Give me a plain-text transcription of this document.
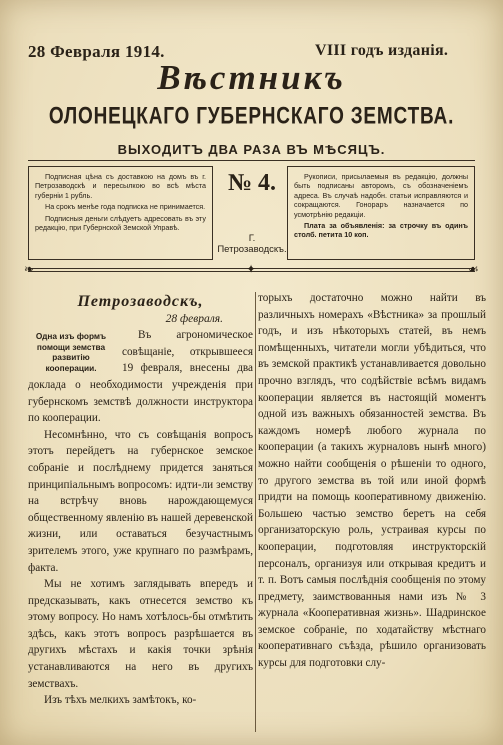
28 Февраля 1914.	VIII годъ изданія.
Вѣстникъ
ОЛОНЕЦКАГО ГУБЕРНСКАГО ЗЕМСТВА.
ВЫХОДИТЪ ДВА РАЗА ВЪ МѢСЯЦЪ.

Подписная цѣна съ доставкою на домъ въ г. Петрозаводскѣ и пересылкою во всѣ мѣста губерніи 1 рубль.

На срокъ менѣе года подписка не принимается.

Подписныя деньги слѣдуетъ адресовать въ эту редакцію, при Губернской Земской Управѣ.

№ 4.
Г. Петрозаводскъ.

Рукописи, присылаемыя въ редакцію, должны быть подписаны авторомъ, съ обозначеніемъ адреса. Въ случаѣ надобн. статьи исправляются и сокращаются. Гонораръ назначается по усмотрѣнію редакціи.

Плата за объявленія: за строчку въ одинъ столб. петита 10 коп.

❧	✦	☙
Петрозаводскъ,
28 февраля.
Одна изъ формъ помощи земства развитію кооперации.

Въ агрономическое совѣщаніе, открывшееся 19 февраля, внесены два доклада о необходимости учрежденія при губернскомъ земствѣ должности инструктора по кооперации.

Несомнѣнно, что съ совѣщанія вопросъ этотъ перейдетъ на губернское земское собраніе и послѣднему придется заняться принципіальнымъ вопросомъ: идти-ли земству на встрѣчу вновь нарождающемуся общественному явленію въ нашей деревенской жизни, или оставаться безучастнымъ зрителемъ этого, уже крупнаго по размѣрамъ, факта.

Мы не хотимъ заглядывать впередъ и предсказывать, какъ отнесется земство къ этому вопросу. Но намъ хотѣлось-бы отмѣтить здѣсь, какъ этотъ вопросъ разрѣшается въ другихъ мѣстахъ и какія точки зрѣнія устанавливаются на него въ другихъ земствахъ.

Изъ тѣхъ мелкихъ замѣтокъ, ко-

торыхъ достаточно можно найти въ различныхъ номерахъ «Вѣстника» за прошлый годъ, и изъ нѣкоторыхъ статей, въ немъ помѣщенныхъ, читатели могли убѣдиться, что въ земской практикѣ устанавливается довольно прочно взглядъ, что содѣйствіе всѣмъ видамъ кооперации является въ настоящій моментъ одной изъ важныхъ обязанностей земства. Въ каждомъ номерѣ любого журнала по кооперации (а такихъ журналовъ нынѣ много) можно найти сообщенія о рѣшеніи то одного, то другого земства въ той или иной формѣ придти на помощь кооперативному движенію. Большею частью земство беретъ на себя организаторскую роль, устраивая курсы по кооперации, подготовляя инструкторскій персоналъ, организуя или открывая кредитъ и т. п. Вотъ самыя послѣднія сообщенія по этому предмету, заимствованныя нами изъ № 3 журнала «Кооперативная жизнь». Шадринское земское собраніе, по ходатайству мѣстнаго кооперативнаго съѣзда, рѣшило организовать курсы для подготовки слу-
